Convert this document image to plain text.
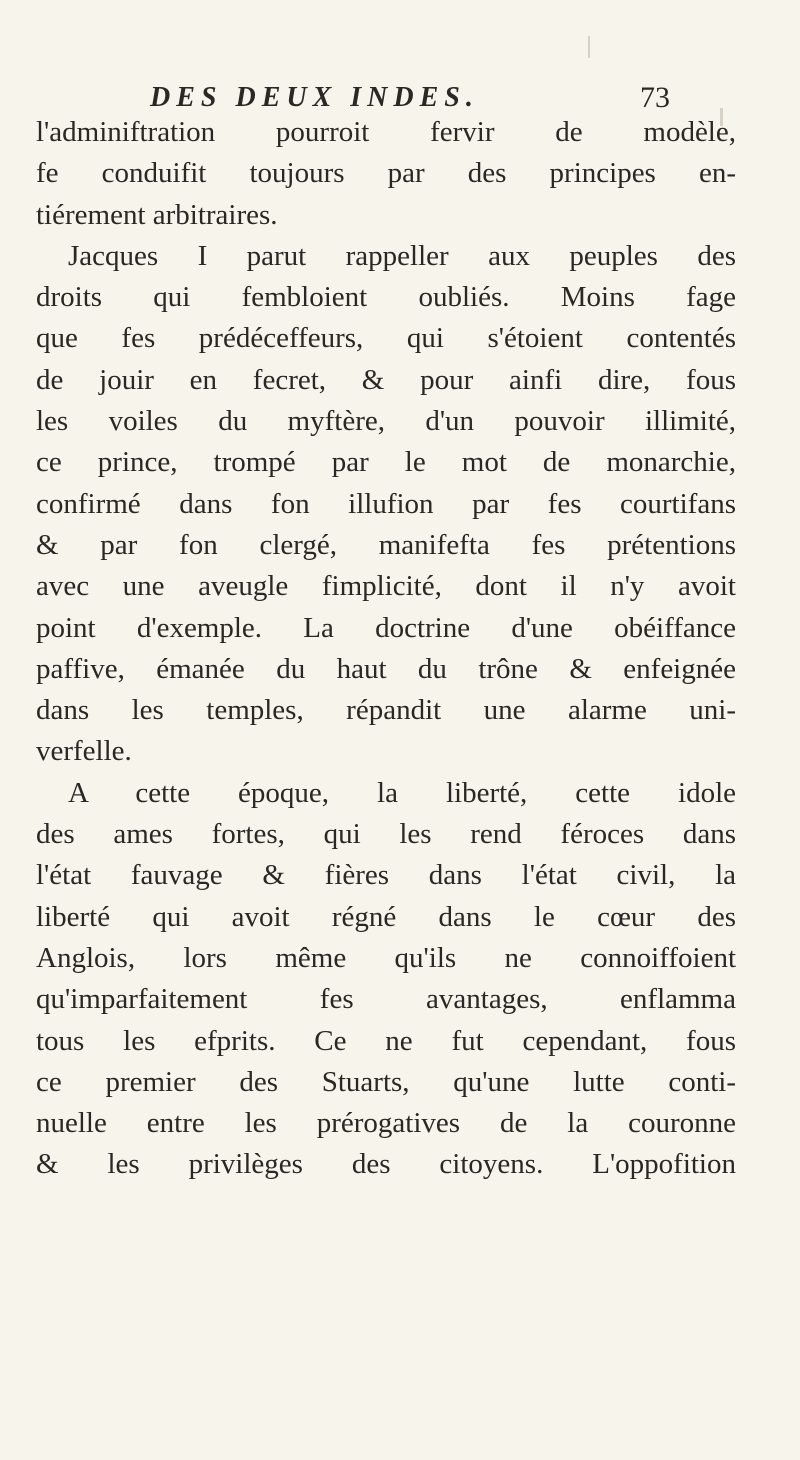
DES DEUX INDES.	73
l'adminiftration pourroit fervir de modèle,
fe conduifit toujours par des principes en-
tiérement arbitraires.
Jacques I parut rappeller aux peuples des
droits qui fembloient oubliés. Moins fage
que fes prédéceffeurs, qui s'étoient contentés
de jouir en fecret, & pour ainfi dire, fous
les voiles du myftère, d'un pouvoir illimité,
ce prince, trompé par le mot de monarchie,
confirmé dans fon illufion par fes courtifans
& par fon clergé, manifefta fes prétentions
avec une aveugle fimplicité, dont il n'y avoit
point d'exemple. La doctrine d'une obéiffance
paffive, émanée du haut du trône & enfeignée
dans les temples, répandit une alarme uni-
verfelle.
A cette époque, la liberté, cette idole
des ames fortes, qui les rend féroces dans
l'état fauvage & fières dans l'état civil, la
liberté qui avoit régné dans le cœur des
Anglois, lors même qu'ils ne connoiffoient
qu'imparfaitement fes avantages, enflamma
tous les efprits. Ce ne fut cependant, fous
ce premier des Stuarts, qu'une lutte conti-
nuelle entre les prérogatives de la couronne
& les privilèges des citoyens. L'oppofition
